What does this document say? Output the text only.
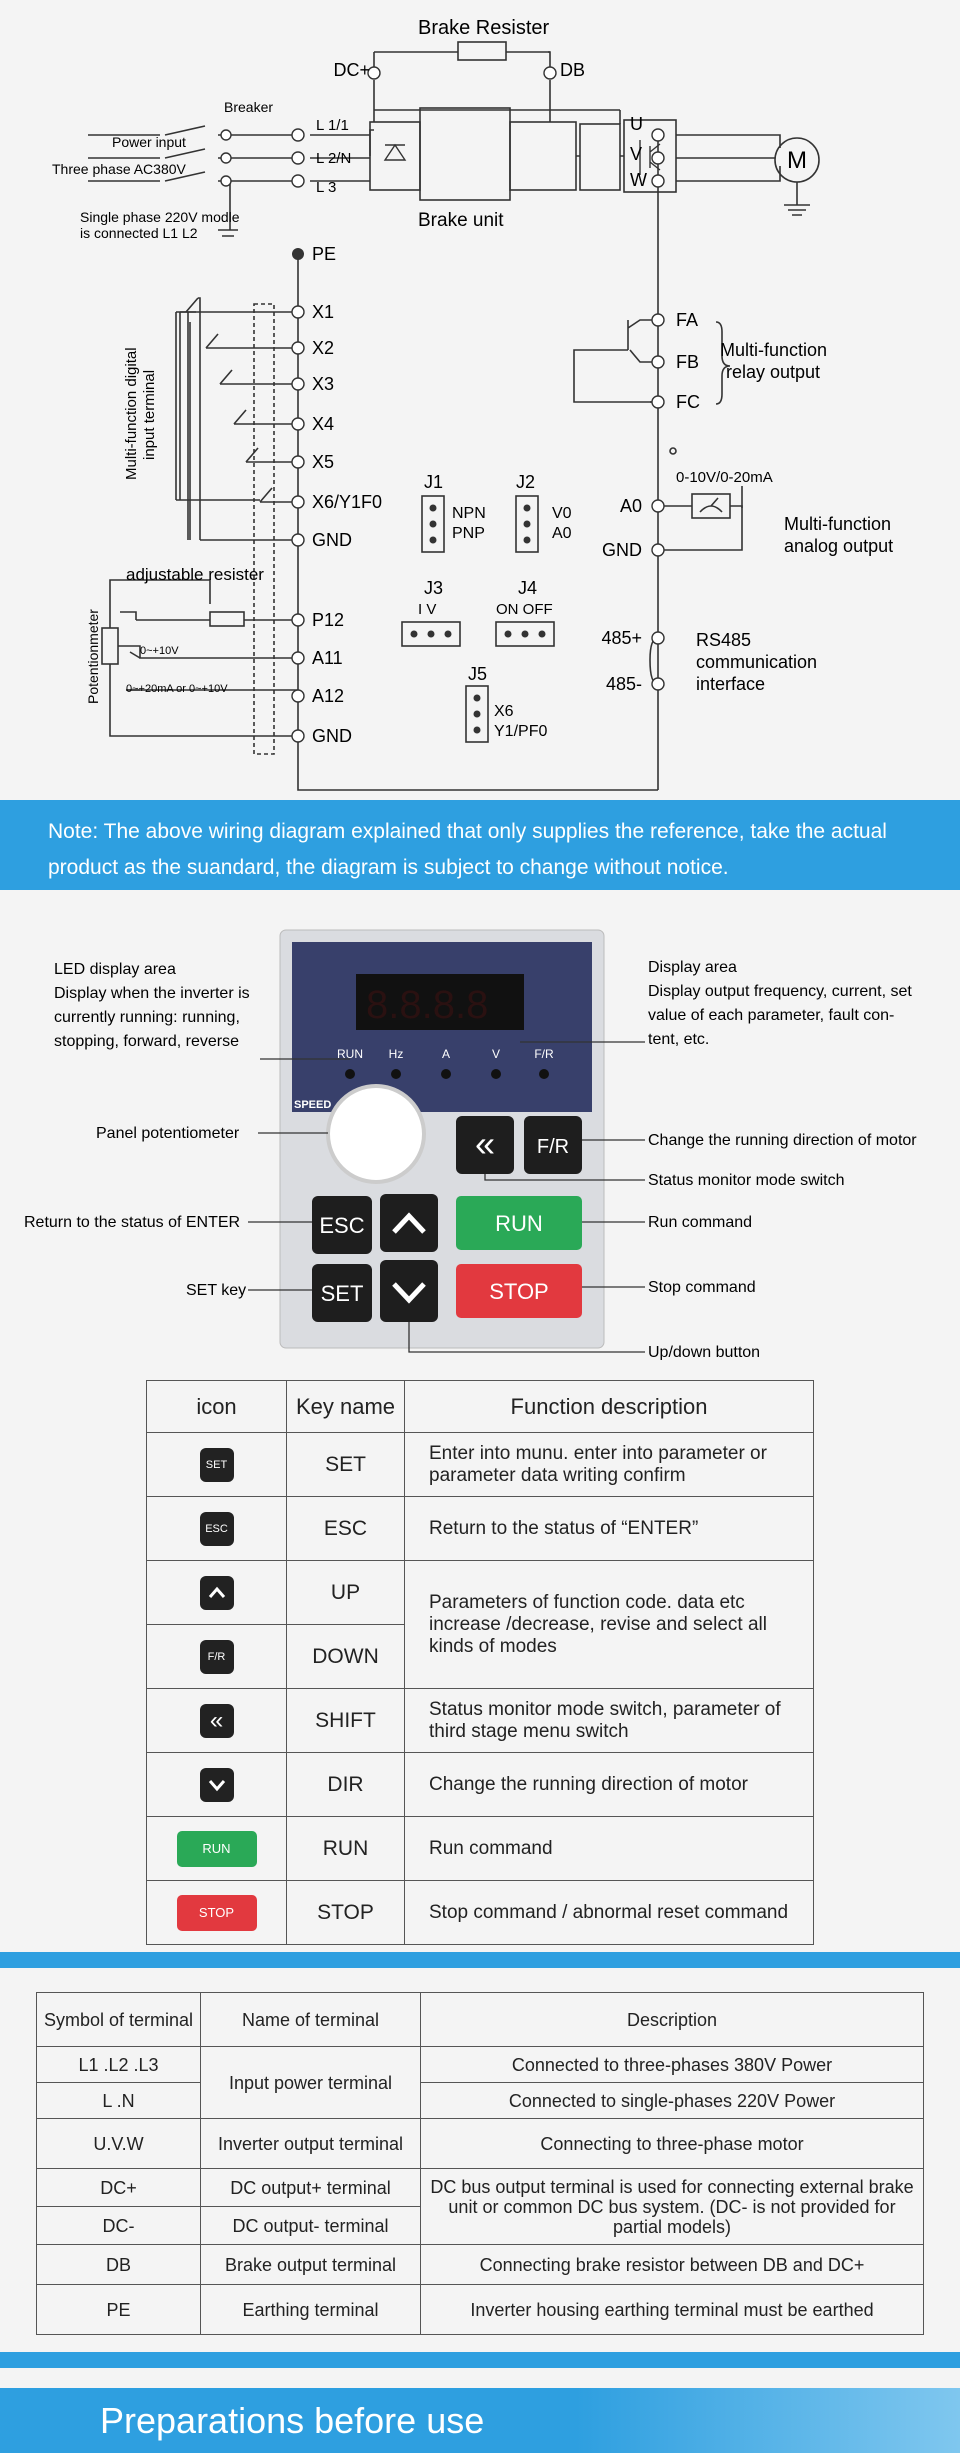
Brake Resister
DC+	DB
Breaker
Power input
Three phase AC380V
Single phase 220V modle
is connected L1 L2
L 1/1
L 2/N
L 3
PE
Brake unit
U
V
W
M
X1
X2
X3
X4
X5
X6/Y1F0
GND
Multi-function digital input terminal
adjustable resister
Potentionmeter	P12
0~+10V	A11
0~+20mA or 0~+10V	A12
GND
J1
NPN
PNP
J2
V0
A0
J3
I V
J4
ON OFF
J5
X6
Y1/PF0
FA
FB
FC
Multi-function
relay output
0-10V/0-20mA
A0
GND
Multi-function
analog output
485+
485-
RS485
communication
interface
Note: The above wiring diagram explained that only supplies the reference, take the actual product as the suandard, the diagram is subject to change without notice.
8.8.8.8
RUN Hz	A	V	F/R
SPEED
« F/R
ESC
SET
RUN
STOP
LED display area
Display when the inverter is
currently running: running,
stopping, forward, reverse
Display area
Display output frequency, current, set
value of each parameter, fault con-
tent, etc.
Panel potentiometer	Change the running direction of motor
Status monitor mode switch
Return to the status of ENTER	Run command
SET key	Stop command
Up/down button
icon	Key name	Function description
SET	SET	Enter into munu. enter into parameter or parameter data writing confirm
ESC	ESC	Return to the status of “ENTER”
	UP	Parameters of function code. data etc increase /decrease, revise and select all kinds of modes
F/R	DOWN	
«	SHIFT	Status monitor mode switch, parameter of third stage menu switch
	DIR	Change the running direction of motor
RUN	RUN	Run command
STOP	STOP	Stop command / abnormal reset command
Symbol of terminal	Name of terminal	Description
L1 .L2 .L3	Input power terminal	Connected to three-phases 380V Power
L .N		Connected to single-phases 220V Power
U.V.W	Inverter output terminal	Connecting to three-phase motor
DC+	DC output+ terminal	DC bus output terminal is used for connecting external brake unit or common DC bus system. (DC- is not provided for partial models)
DC-	DC output- terminal	
DB	Brake output terminal	Connecting brake resistor between DB and DC+
PE	Earthing terminal	Inverter housing earthing terminal must be earthed
Preparations before use
